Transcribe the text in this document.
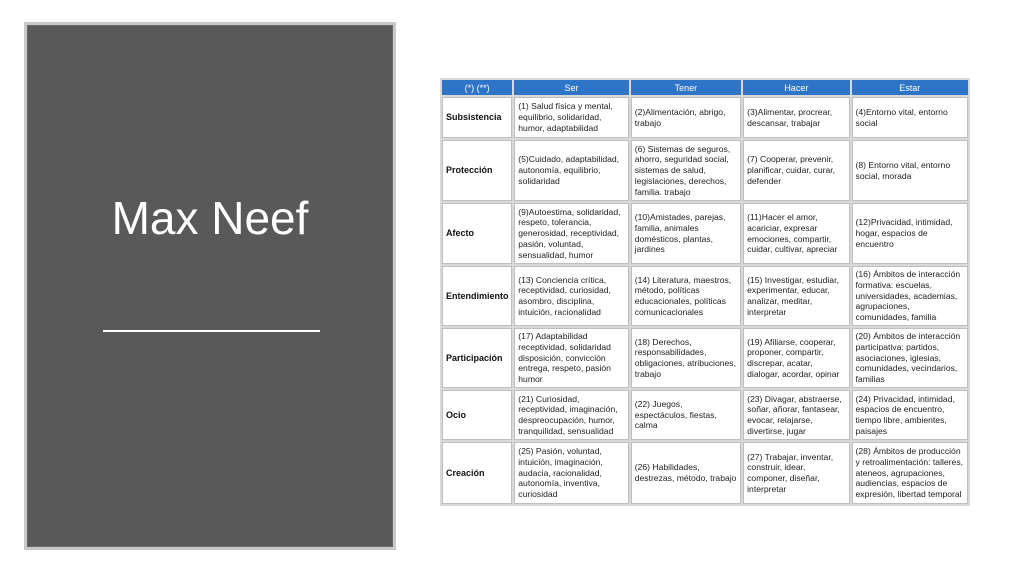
Max Neef
(*) (**)	Ser	Tener	Hacer	Estar
Subsistencia	(1) Salud física y mental, equilibrio, solidaridad, humor, adaptabilidad	(2)Alimentación, abrigo, trabajo	(3)Alimentar, procrear, descansar, trabajar	(4)Entorno vital, entorno social
Protección	(5)Cuidado, adaptabilidad, autonomía, equilibrio, solidaridad	(6) Sistemas de seguros, ahorro, seguridad social, sistemas de salud, legislaciones, derechos, familia. trabajo	(7) Cooperar, prevenir, planificar, cuidar, curar, defender	(8) Entorno vital, entorno social, morada
Afecto	(9)Autoestima, solidaridad, respeto, tolerancia, generosidad, receptividad, pasión, voluntad, sensualidad, humor	(10)Amistades, parejas, familia, animales domésticos, plantas, jardines	(11)Hacer el amor, acariciar, expresar emociones, compartir, cuidar, cultivar, apreciar	(12)Privacidad, intimidad, hogar, espacios de encuentro
Entendimiento	(13) Conciencia crítica, receptividad, curiosidad, asombro, disciplina, intuición, racionalidad	(14) Literatura, maestros, método, políticas educacionales, políticas comunicacionales	(15) Investigar, estudiar, experimentar, educar, analizar, meditar, interpretar	(16) Ámbitos de interacción formativa: escuelas, universidades, academias, agrupaciones, comunidades, familia
Participación	(17) Adaptabilidad receptividad, solidaridad disposición, convicción entrega, respeto, pasión humor	(18) Derechos, responsabilidades, obligaciones, atribuciones, trabajo	(19) Afiliarse, cooperar, proponer, compartir, discrepar, acatar, dialogar, acordar, opinar	(20) Ámbitos de interacción participativa: partidos, asociaciones, iglesias, comunidades, vecindarios, familias
Ocio	(21) Curiosidad, receptividad, imaginación, despreocupación, humor, tranquilidad, sensualidad	(22) Juegos, espectáculos, fiestas, calma	(23) Divagar, abstraerse, soñar, añorar, fantasear, evocar, relajarse, divertirse, jugar	(24) Privacidad, intimidad, espacios de encuentro, tiempo libre, ambientes, paisajes
Creación	(25) Pasión, voluntad, intuición, imaginación, audacia, racionalidad, autonomía, inventiva, curiosidad	(26) Habilidades, destrezas, método, trabajo	(27) Trabajar, inventar, construir, idear, componer, diseñar, interpretar	(28) Ámbitos de producción y retroalimentación: talleres, ateneos, agrupaciones, audiencias, espacios de expresión, libertad temporal
